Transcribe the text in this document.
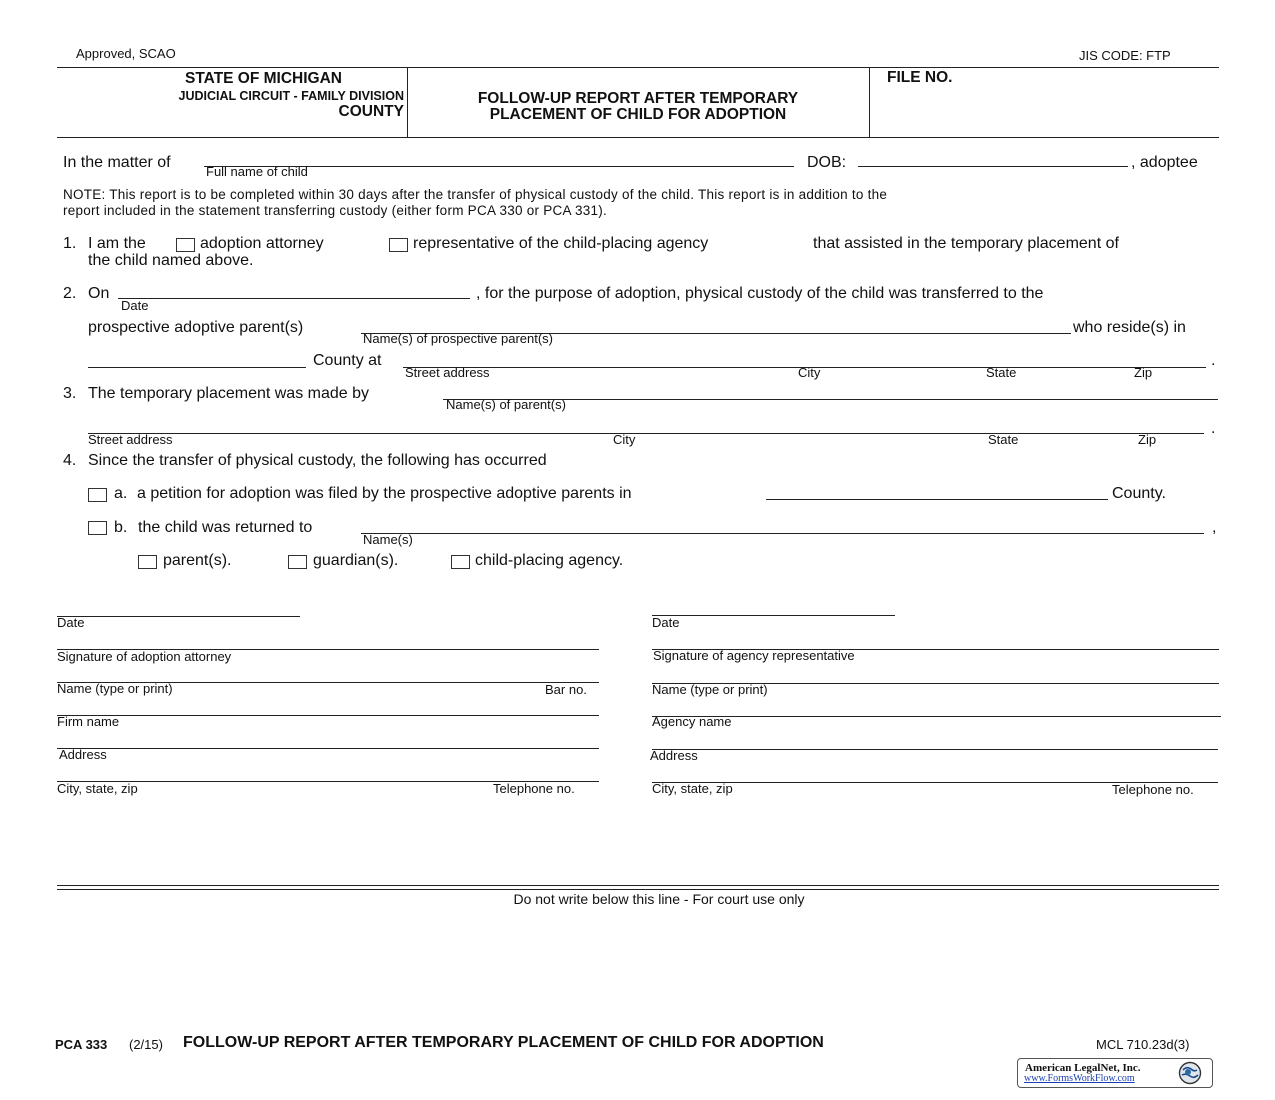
Approved, SCAO	JIS CODE: FTP
STATE OF MICHIGAN
JUDICIAL CIRCUIT - FAMILY DIVISION
COUNTY
FOLLOW-UP REPORT AFTER TEMPORARY
PLACEMENT OF CHILD FOR ADOPTION
FILE NO.
In the matter of
Full name of child
DOB:	, adoptee
NOTE: This report is to be completed within 30 days after the transfer of physical custody of the child. This report is in addition to the
report included in the statement transferring custody (either form PCA 330 or PCA 331).
1. I am the	adoption attorney	representative of the child-placing agency	that assisted in the temporary placement of
the child named above.
2. On
Date
, for the purpose of adoption, physical custody of the child was transferred to the
prospective adoptive parent(s)
Name(s) of prospective parent(s)
who reside(s) in
County at	.
Street address	City	State	Zip
3. The temporary placement was made by
Name(s) of parent(s)
.
Street address	City	State	Zip
4. Since the transfer of physical custody, the following has occurred
a. a petition for adoption was filed by the prospective adoptive parents in	County.
b. the child was returned to	,
Name(s)
parent(s).	guardian(s).	child-placing agency.
Date
Signature of adoption attorney
Name (type or print)	Bar no.
Firm name
Address
City, state, zip	Telephone no.
Date
Signature of agency representative
Name (type or print)
Agency name
Address
City, state, zip	Telephone no.
Do not write below this line - For court use only
PCA 333 (2/15) FOLLOW-UP REPORT AFTER TEMPORARY PLACEMENT OF CHILD FOR ADOPTION	MCL 710.23d(3)
American LegalNet, Inc.
www.FormsWorkFlow.com
